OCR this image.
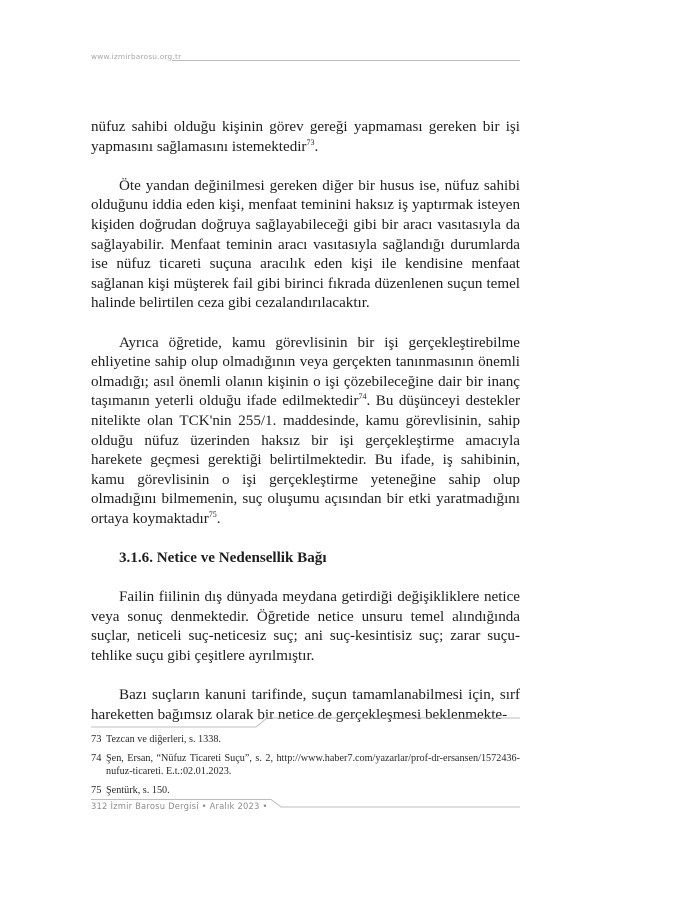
www.izmirbarosu.org.tr

nüfuz sahibi olduğu kişinin görev gereği yapmaması gereken bir işi yapmasını sağlamasını istemektedir$^{73}$.

Öte yandan değinilmesi gereken diğer bir husus ise, nüfuz sahibi olduğunu iddia eden kişi, menfaat teminini haksız iş yaptırmak isteyen kişiden doğrudan doğruya sağlayabileceği gibi bir aracı vasıtasıyla da sağlayabilir. Menfaat teminin aracı vasıtasıyla sağlandığı durumlarda ise nüfuz ticareti suçuna aracılık eden kişi ile kendisine menfaat sağlanan kişi müşterek fail gibi birinci fıkrada düzenlenen suçun temel halinde belirtilen ceza gibi cezalandırılacaktır.

Ayrıca öğretide, kamu görevlisinin bir işi gerçekleştirebilme ehliyetine sahip olup olmadığının veya gerçekten tanınmasının önemli olmadığı; asıl önemli olanın kişinin o işi çözebileceğine dair bir inanç taşımanın yeterli olduğu ifade edilmektedir$^{74}$. Bu düşünceyi destekler nitelikte olan TCK'nin 255/1. maddesinde, kamu görevlisinin, sahip olduğu nüfuz üzerinden haksız bir işi gerçekleştirme amacıyla harekete geçmesi gerektiği belirtilmektedir. Bu ifade, iş sahibinin, kamu görevlisinin o işi gerçekleştirme yeteneğine sahip olup olmadığını bilmemenin, suç oluşumu açısından bir etki yaratmadığını ortaya koymaktadır$^{75}$.

3.1.6. Netice ve Nedensellik Bağı

Failin fiilinin dış dünyada meydana getirdiği değişikliklere netice veya sonuç denmektedir. Öğretide netice unsuru temel alındığında suçlar, neticeli suç-neticesiz suç; ani suç-kesintisiz suç; zarar suçu-tehlike suçu gibi çeşitlere ayrılmıştır.

Bazı suçların kanuni tarifinde, suçun tamamlanabilmesi için, sırf hareketten bağımsız olarak bir netice de gerçekleşmesi beklenmekte-

73 Tezcan ve diğerleri, s. 1338.
74 Şen, Ersan, “Nüfuz Ticareti Suçu”, s. 2, http://www.haber7.com/yazarlar/prof-dr-ersansen/1572436-nufuz-ticareti. E.t.:02.01.2023.
75 Şentürk, s. 150.
312 İzmir Barosu Dergisi • Aralık 2023 •
